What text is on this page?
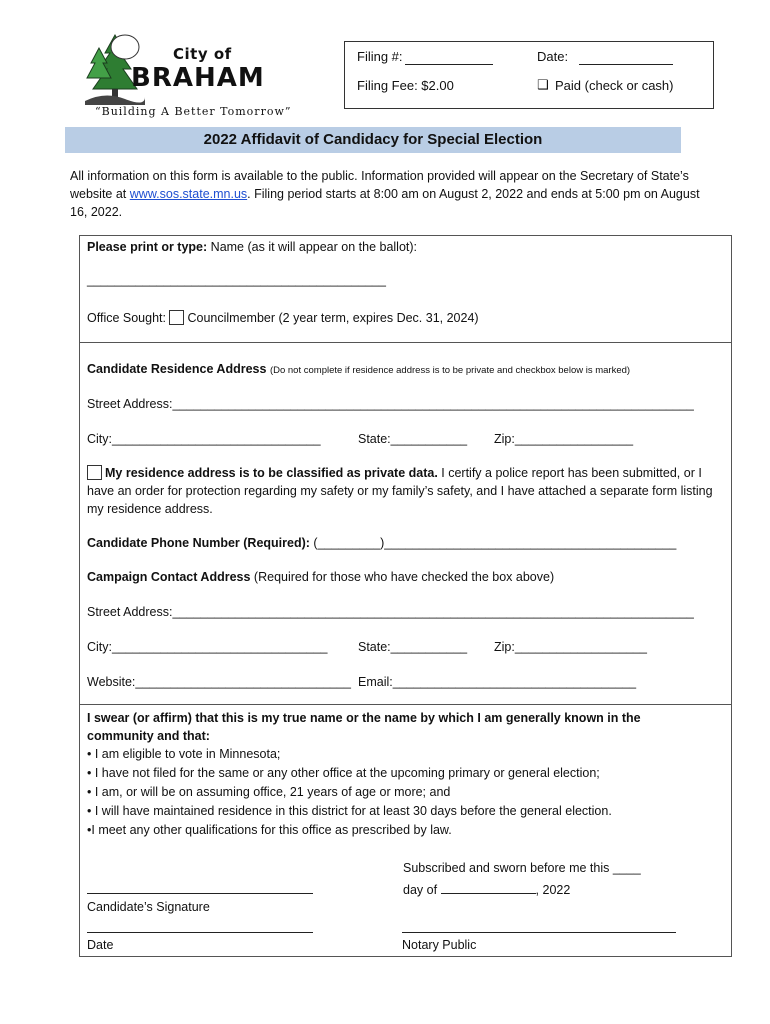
City of
BRAHAM
“Building A Better Tomorrow”
Filing #:	Date:
Filing Fee: $2.00	❑ Paid (check or cash)
2022 Affidavit of Candidacy for Special Election
All information on this form is available to the public. Information provided will appear on the Secretary of State’s website at www.sos.state.mn.us. Filing period starts at 8:00 am on August 2, 2022 and ends at 5:00 pm on August 16, 2022.
Please print or type: Name (as it will appear on the ballot):
___________________________________________
Office Sought: Councilmember (2 year term, expires Dec. 31, 2024)
Candidate Residence Address (Do not complete if residence address is to be private and checkbox below is marked)
Street Address:___________________________________________________________________________
City:______________________________	State:___________ Zip:_________________
My residence address is to be classified as private data. I certify a police report has been submitted, or I have an order for protection regarding my safety or my family’s safety, and I have attached a separate form listing my residence address.
Candidate Phone Number (Required): (_________)__________________________________________
Campaign Contact Address (Required for those who have checked the box above)
Street Address:___________________________________________________________________________
City:_______________________________ State:___________ Zip:___________________
Website:_______________________________ Email:___________________________________
I swear (or affirm) that this is my true name or the name by which I am generally known in the community and that:
• I am eligible to vote in Minnesota;
• I have not filed for the same or any other office at the upcoming primary or general election;
• I am, or will be on assuming office, 21 years of age or more; and
• I will have maintained residence in this district for at least 30 days before the general election.
•I meet any other qualifications for this office as prescribed by law.
Subscribed and sworn before me this ____
day of	, 2022
Candidate’s Signature
Date	Notary Public
